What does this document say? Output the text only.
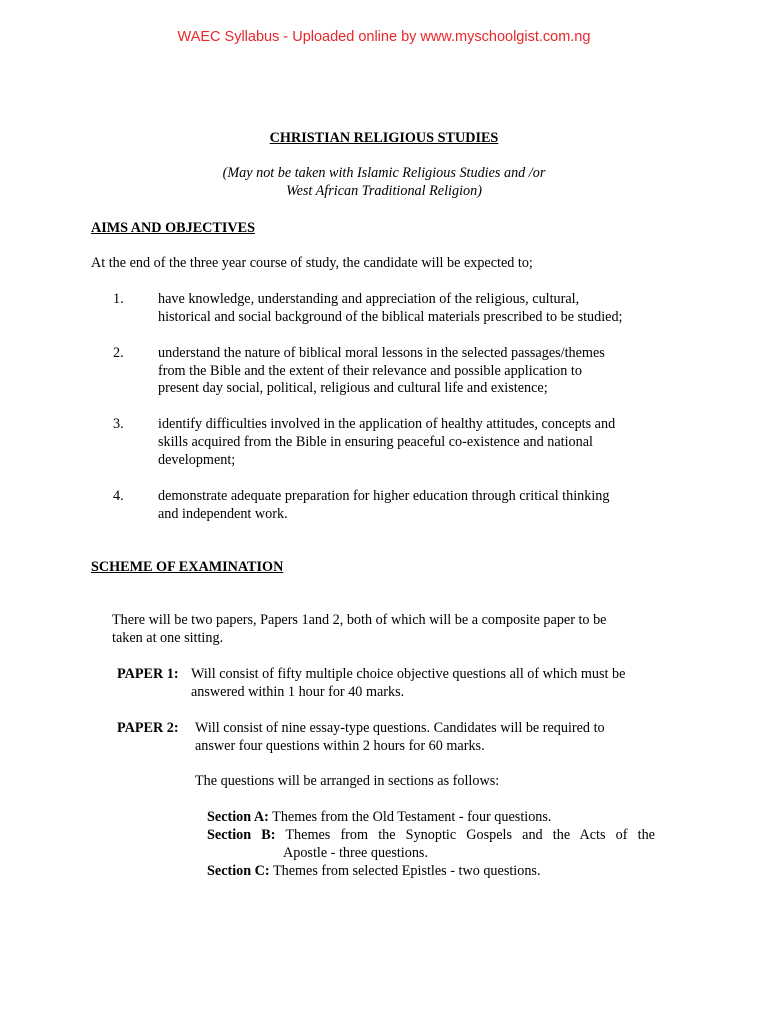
WAEC Syllabus - Uploaded online by www.myschoolgist.com.ng
CHRISTIAN RELIGIOUS STUDIES
(May not be taken with Islamic Religious Studies and /or
West African Traditional Religion)
AIMS AND OBJECTIVES
At the end of the three year course of study, the candidate will be expected to;
1. have knowledge, understanding and appreciation of the religious, cultural,
historical and social background of the biblical materials prescribed to be studied;
2. understand the nature of biblical moral lessons in the selected passages/themes
from the Bible and the extent of their relevance and possible application to
present day social, political, religious and cultural life and existence;
3. identify difficulties involved in the application of healthy attitudes, concepts and
skills acquired from the Bible in ensuring peaceful co-existence and national
development;
4. demonstrate adequate preparation for higher education through critical thinking
and independent work.
SCHEME OF EXAMINATION
There will be two papers, Papers 1and 2, both of which will be a composite paper to be
taken at one sitting.
PAPER 1: Will consist of fifty multiple choice objective questions all of which must be
answered within 1 hour for 40 marks.
PAPER 2: Will consist of nine essay-type questions. Candidates will be required to
answer four questions within 2 hours for 60 marks.
The questions will be arranged in sections as follows:
Section A: Themes from the Old Testament - four questions.
Section B: Themes from the Synoptic Gospels and the Acts of the
Apostle - three questions.
Section C: Themes from selected Epistles - two questions.
